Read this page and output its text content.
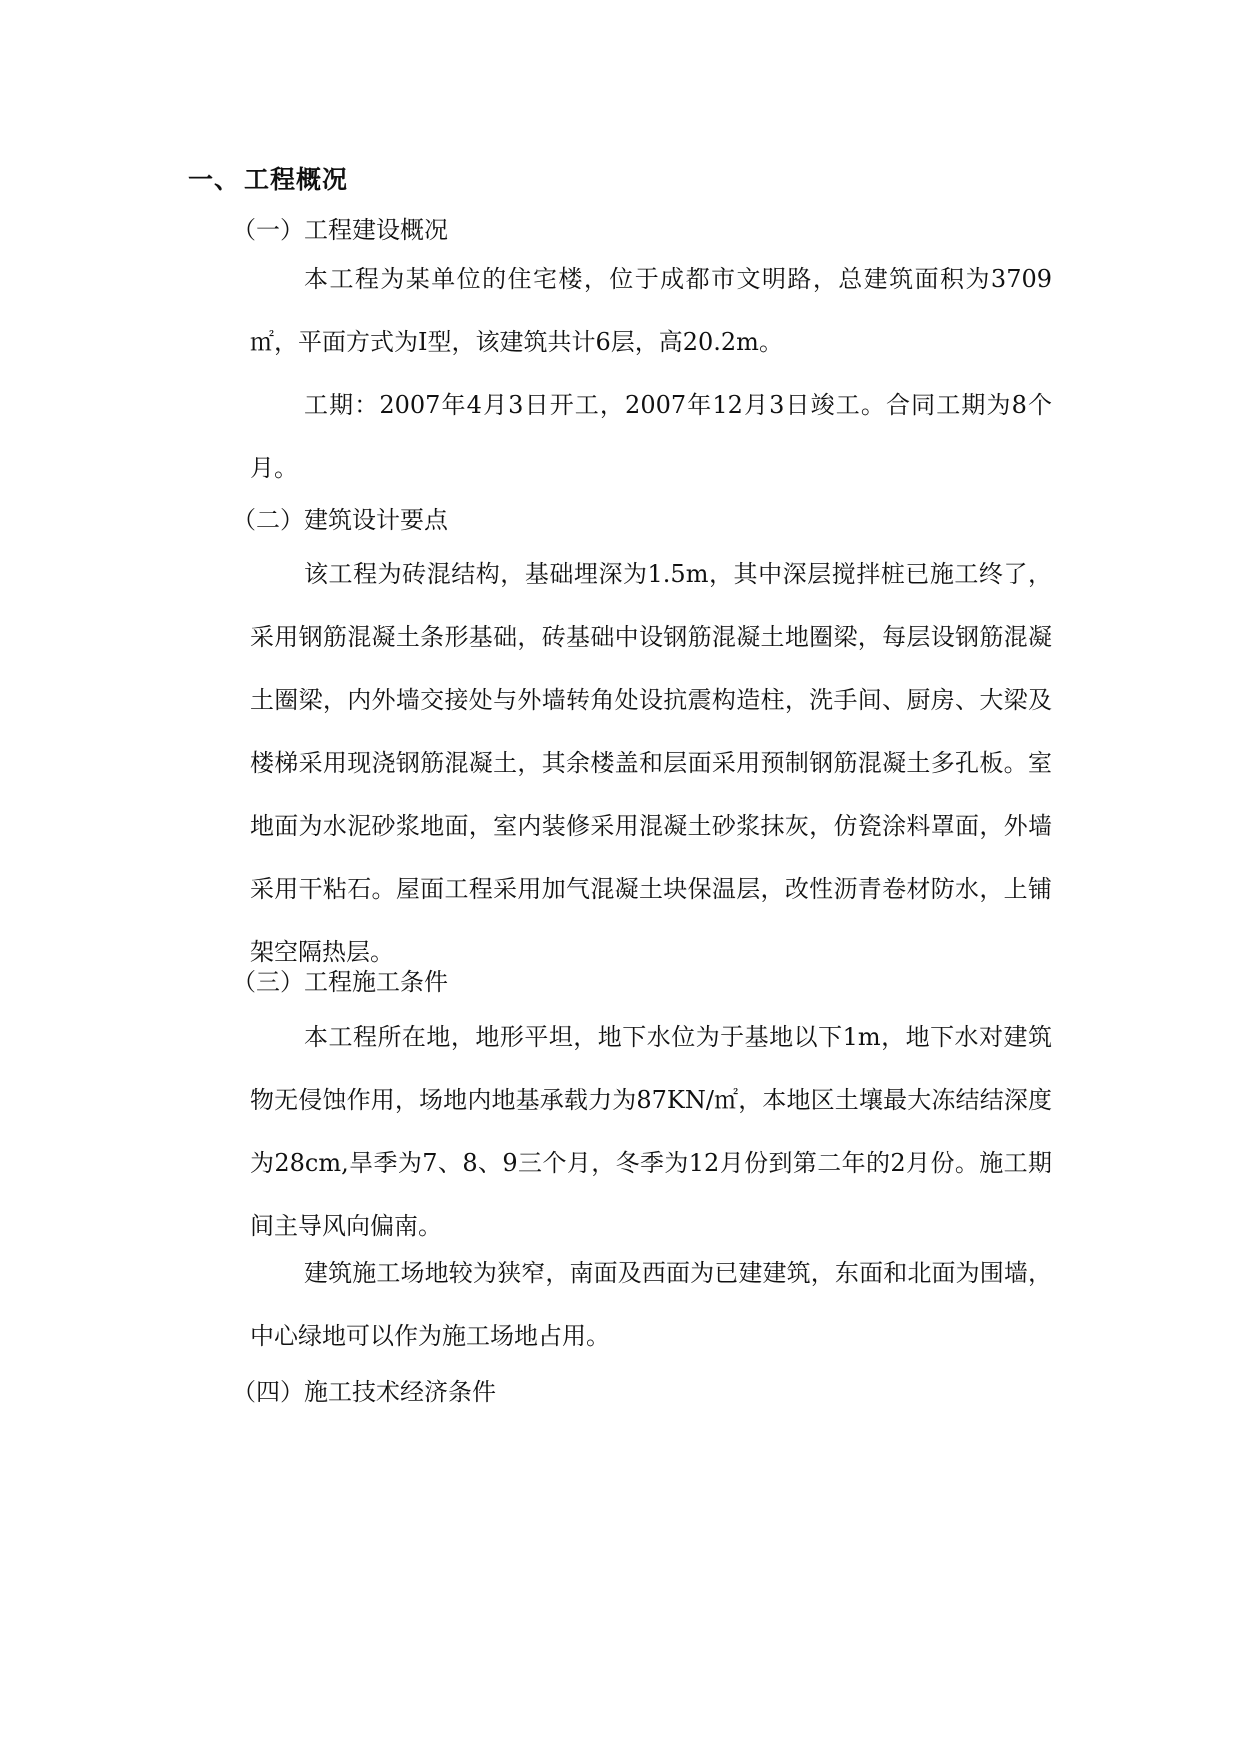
一、 工程概况
（一）工程建设概况

本工程为某单位的住宅楼，位于成都市文明路，总建筑面积为3709㎡，平面方式为Ⅰ型，该建筑共计6层，高20.2m。

工期：2007年4月3日开工，2007年12月3日竣工。合同工期为8个月。

（二）建筑设计要点

该工程为砖混结构，基础埋深为1.5m，其中深层搅拌桩已施工终了，采用钢筋混凝土条形基础，砖基础中设钢筋混凝土地圈梁，每层设钢筋混凝土圈梁，内外墙交接处与外墙转角处设抗震构造柱，洗手间、厨房、大梁及楼梯采用现浇钢筋混凝土，其余楼盖和层面采用预制钢筋混凝土多孔板。室地面为水泥砂浆地面，室内装修采用混凝土砂浆抹灰，仿瓷涂料罩面，外墙采用干粘石。屋面工程采用加气混凝土块保温层，改性沥青卷材防水，上铺架空隔热层。

（三）工程施工条件

本工程所在地，地形平坦，地下水位为于基地以下1m，地下水对建筑物无侵蚀作用，场地内地基承载力为87KN/㎡，本地区土壤最大冻结结深度为28cm,旱季为7、8、9三个月，冬季为12月份到第二年的2月份。施工期间主导风向偏南。

建筑施工场地较为狭窄，南面及西面为已建建筑，东面和北面为围墙，中心绿地可以作为施工场地占用。

（四）施工技术经济条件
